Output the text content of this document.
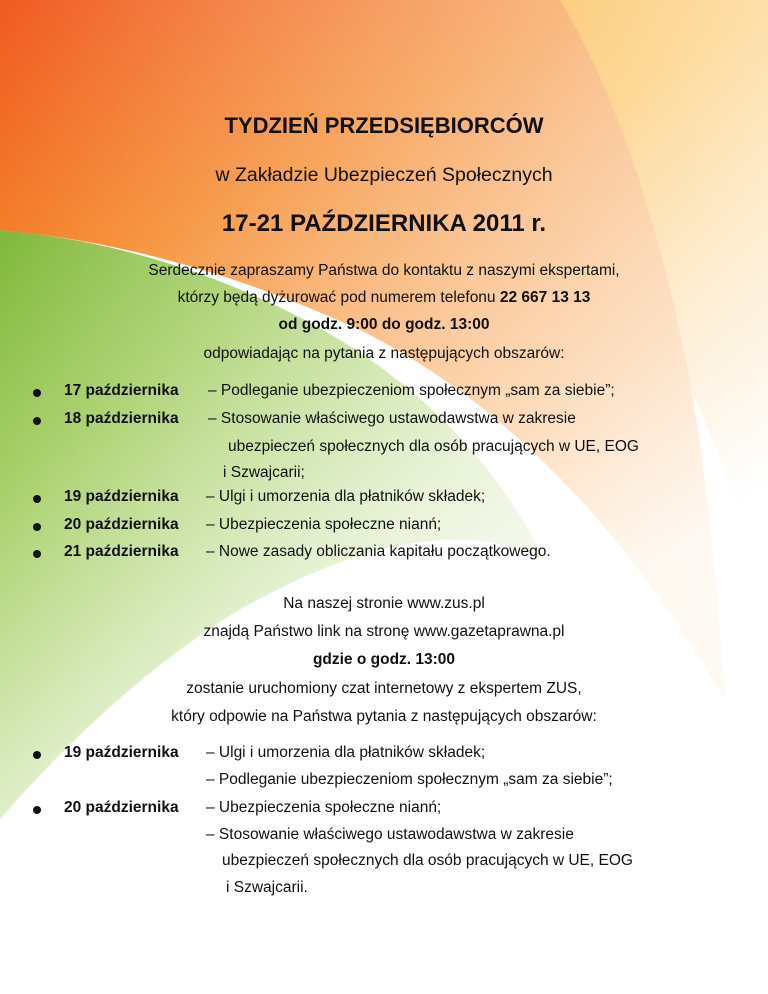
TYDZIEŃ PRZEDSIĘBIORCÓW
w Zakładzie Ubezpieczeń Społecznych
17-21 PAŹDZIERNIKA 2011 r.
Serdecznie zapraszamy Państwa do kontaktu z naszymi ekspertami,
którzy będą dyżurować pod numerem telefonu 22 667 13 13
od godz. 9:00 do godz. 13:00
odpowiadając na pytania z następujących obszarów:
17 października – Podleganie ubezpieczeniom społecznym „sam za siebie”;
18 października – Stosowanie właściwego ustawodawstwa w zakresie
ubezpieczeń społecznych dla osób pracujących w UE, EOG
i Szwajcarii;
19 października – Ulgi i umorzenia dla płatników składek;
20 października – Ubezpieczenia społeczne nianń;
21 października – Nowe zasady obliczania kapitału początkowego.
Na naszej stronie www.zus.pl
znajdą Państwo link na stronę www.gazetaprawna.pl
gdzie o godz. 13:00
zostanie uruchomiony czat internetowy z ekspertem ZUS,
który odpowie na Państwa pytania z następujących obszarów:
19 października – Ulgi i umorzenia dla płatników składek;
– Podleganie ubezpieczeniom społecznym „sam za siebie”;
20 października – Ubezpieczenia społeczne nianń;
– Stosowanie właściwego ustawodawstwa w zakresie
ubezpieczeń społecznych dla osób pracujących w UE, EOG
i Szwajcarii.
